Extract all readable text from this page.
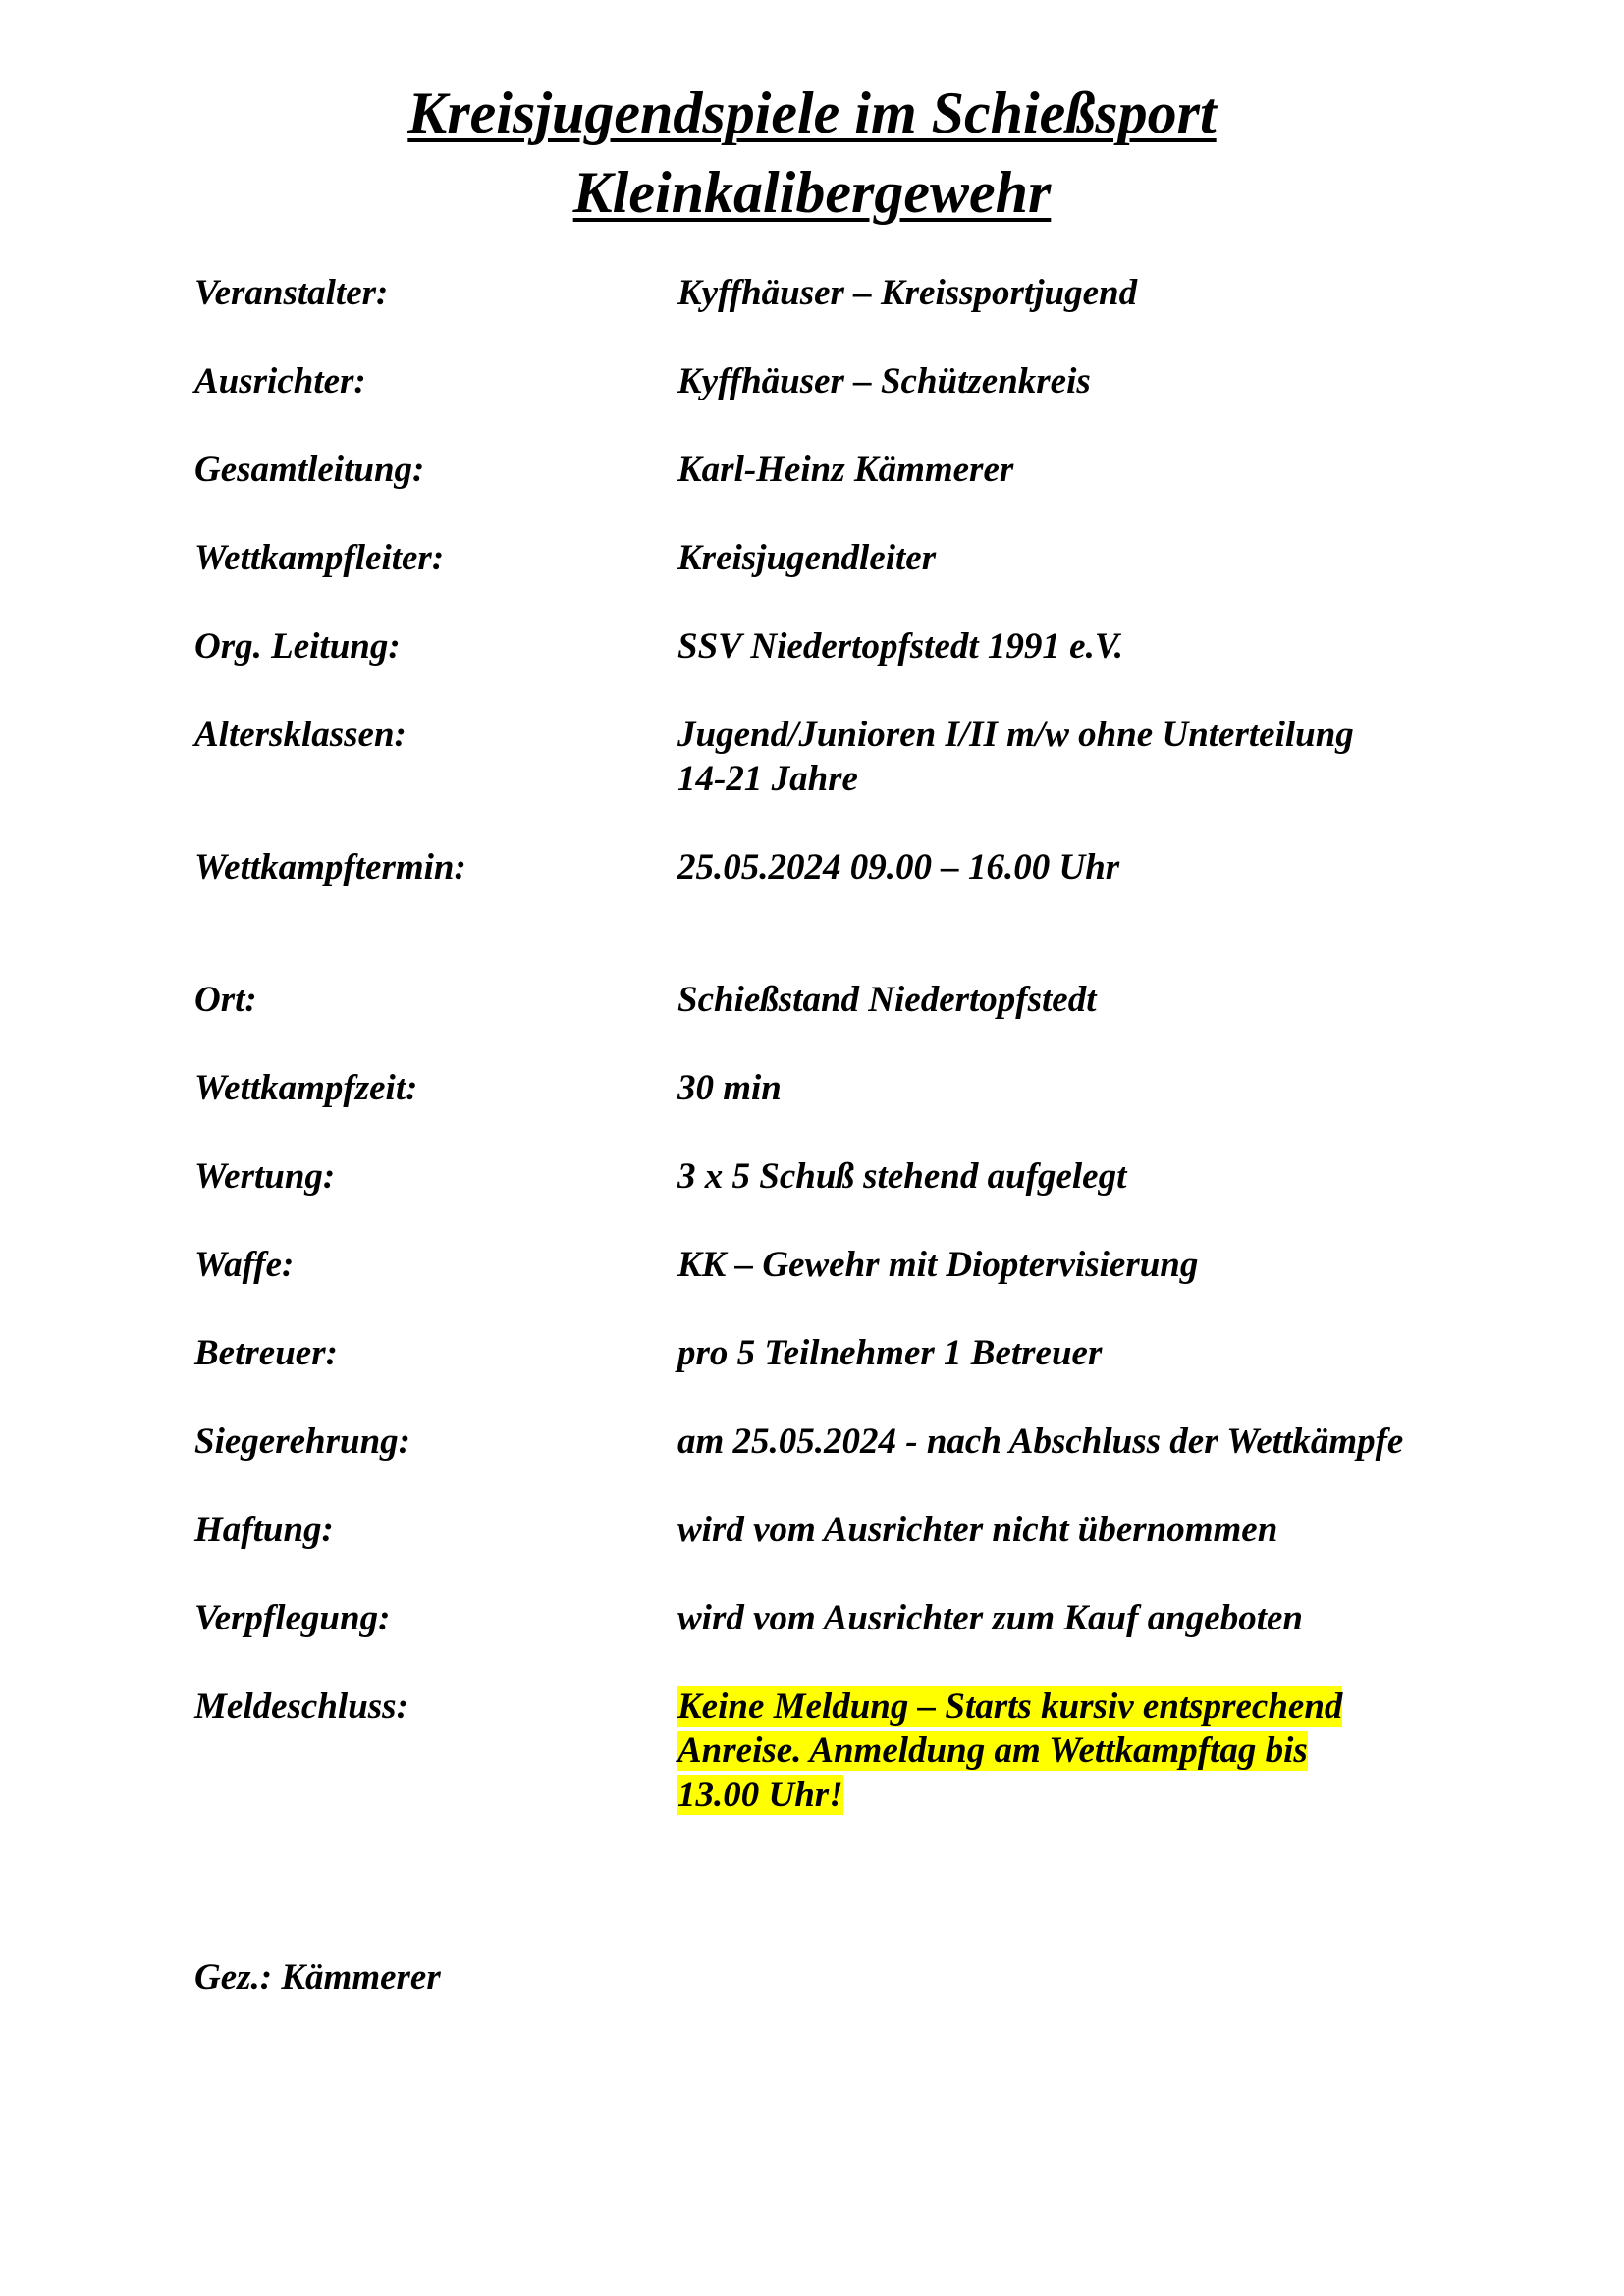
Kreisjugendspiele im Schießsport
Kleinkalibergewehr
Veranstalter:	Kyffhäuser – Kreissportjugend
Ausrichter:	Kyffhäuser – Schützenkreis
Gesamtleitung:	Karl-Heinz Kämmerer
Wettkampfleiter:	Kreisjugendleiter
Org. Leitung:	SSV Niedertopfstedt 1991 e.V.
Altersklassen:	Jugend/Junioren I/II m/w ohne Unterteilung
14-21 Jahre
Wettkampftermin:	25.05.2024 09.00 – 16.00 Uhr
Ort:	Schießstand Niedertopfstedt
Wettkampfzeit:	30 min
Wertung:	3 x 5 Schuß stehend aufgelegt
Waffe:	KK – Gewehr mit Dioptervisierung
Betreuer:	pro 5 Teilnehmer 1 Betreuer
Siegerehrung:	am 25.05.2024 - nach Abschluss der Wettkämpfe
Haftung:	wird vom Ausrichter nicht übernommen
Verpflegung:	wird vom Ausrichter zum Kauf angeboten
Meldeschluss:	Keine Meldung – Starts kursiv entsprechend
Anreise. Anmeldung am Wettkampftag bis
13.00 Uhr!
Gez.: Kämmerer
